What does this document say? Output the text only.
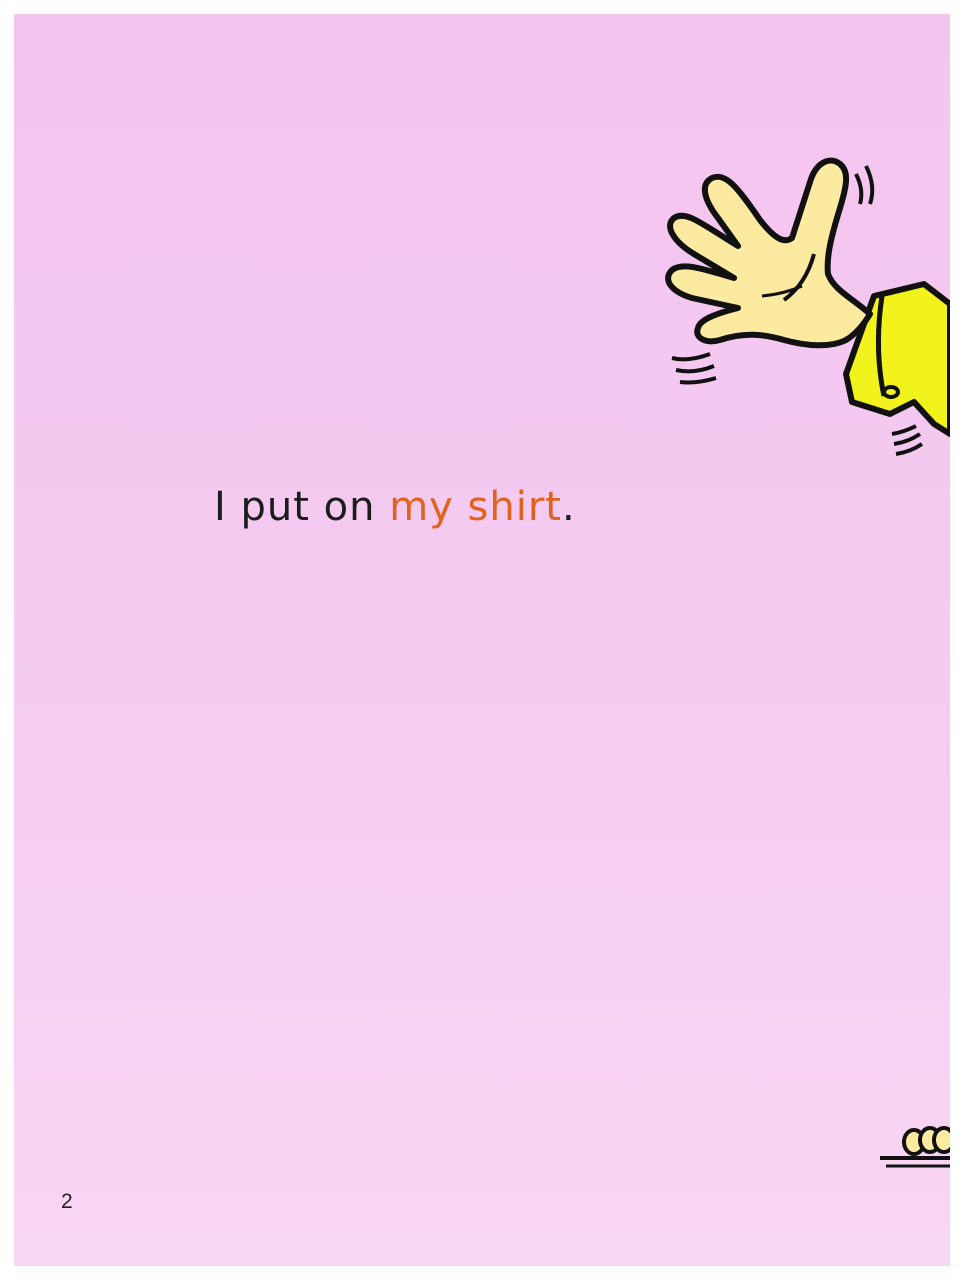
I put on my shirt.
2
